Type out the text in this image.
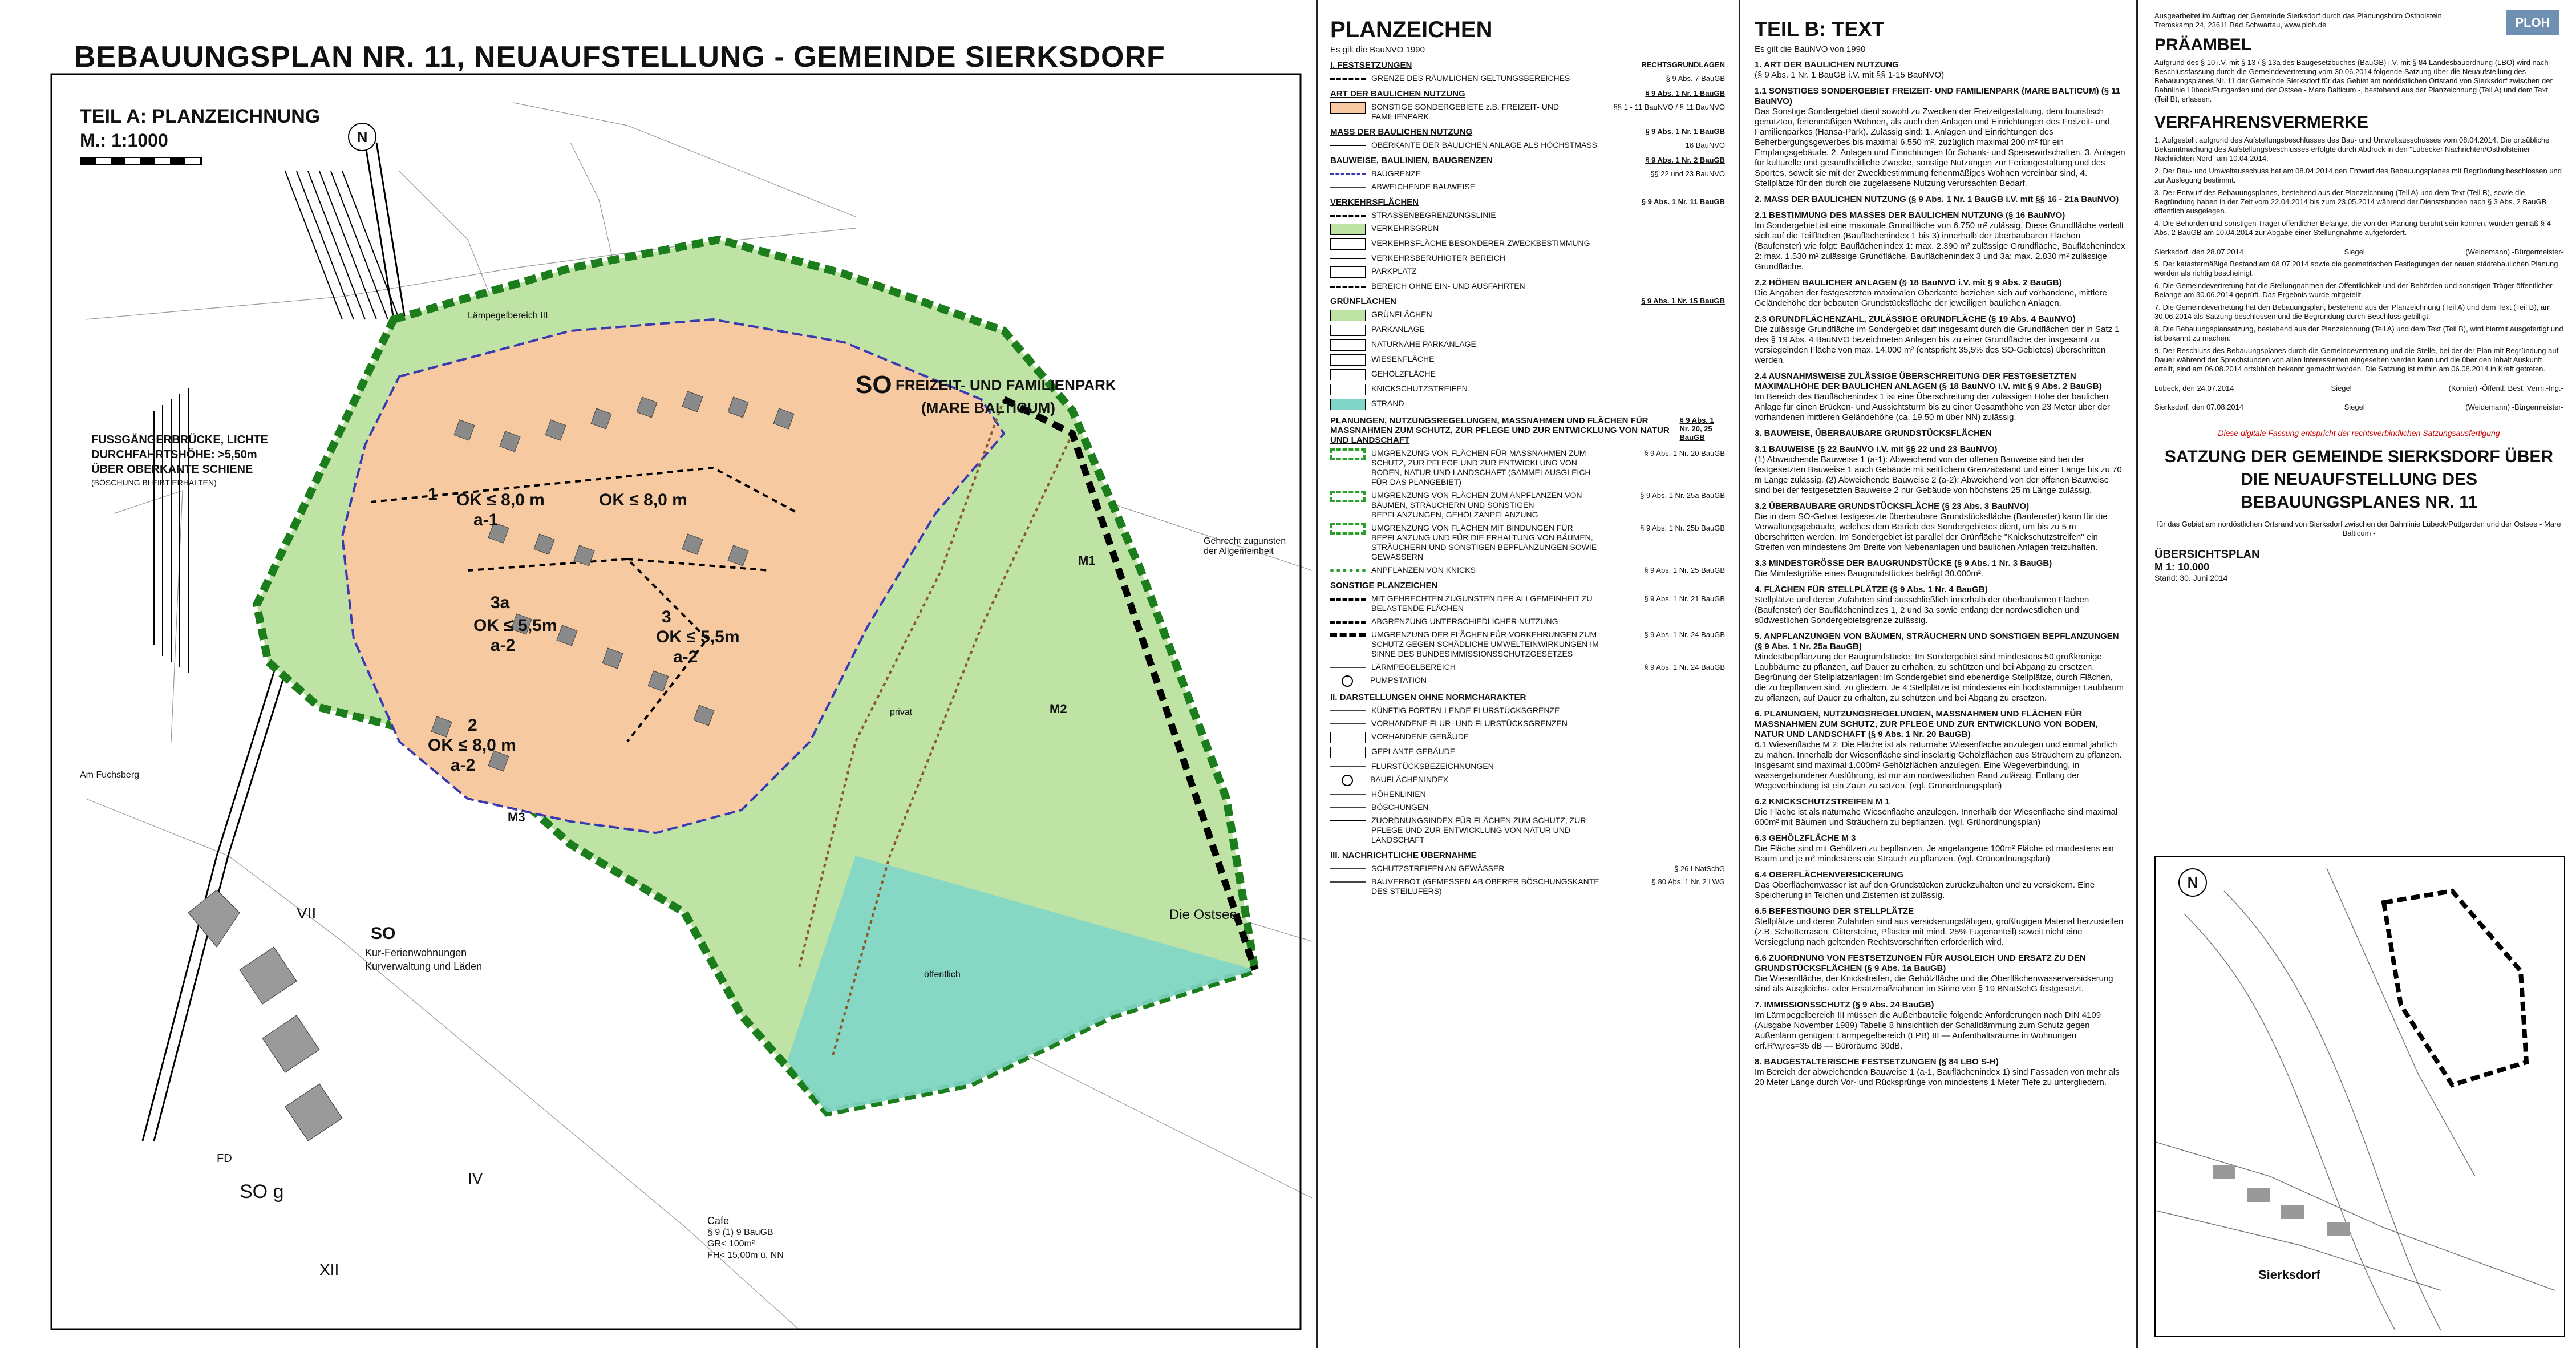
BEBAUUNGSPLAN NR. 11, NEUAUFSTELLUNG - GEMEINDE SIERKSDORF
TEIL A: PLANZEICHNUNG
M.: 1:1000	N
SO FREIZEIT- UND FAMILIENPARK
(MARE BALTICUM)
OK ≤ 8,0 m
a-1
OK ≤ 8,0 m
3a
OK ≤ 5,5m
a-2
3
OK ≤ 5,5m
a-2
2
OK ≤ 8,0 m
a-2
1
FUSSGÄNGERBRÜCKE, LICHTE
DURCHFAHRTSHÖHE: >5,50m
ÜBER OBERKANTE SCHIENE
(BÖSCHUNG BLEIBT ERHALTEN)
Die Ostsee
Gehrecht zugunsten der Allgemeinheit
M1
M2
M3
privat
öffentlich
Lämpegelbereich III
Am Fuchsberg
SO
Kur-Ferienwohnungen
Kurverwaltung und Läden
SO g
Cafe
§ 9 (1) 9 BauGB
GR< 100m²
FH< 15,00m ü. NN
VII
XII
IV
FD
PLANZEICHEN
Es gilt die BauNVO 1990
I. FESTSETZUNGEN	RECHTSGRUNDLAGEN
GRENZE DES RÄUMLICHEN GELTUNGSBEREICHES	§ 9 Abs. 7 BauGB
ART DER BAULICHEN NUTZUNG	§ 9 Abs. 1 Nr. 1 BauGB
SONSTIGE SONDERGEBIETE z.B. FREIZEIT- UND FAMILIENPARK
§§ 1 - 11 BauNVO / § 11 BauNVO
MASS DER BAULICHEN NUTZUNG	§ 9 Abs. 1 Nr. 1 BauGB
OBERKANTE DER BAULICHEN ANLAGE ALS HÖCHSTMASS	16 BauNVO
BAUWEISE, BAULINIEN, BAUGRENZEN	§ 9 Abs. 1 Nr. 2 BauGB
BAUGRENZE	§§ 22 und 23 BauNVO
ABWEICHENDE BAUWEISE
VERKEHRSFLÄCHEN	§ 9 Abs. 1 Nr. 11 BauGB
STRASSENBEGRENZUNGSLINIE
VERKEHRSGRÜN
VERKEHRSFLÄCHE BESONDERER ZWECKBESTIMMUNG
VERKEHRSBERUHIGTER BEREICH
PARKPLATZ
BEREICH OHNE EIN- UND AUSFAHRTEN
GRÜNFLÄCHEN	§ 9 Abs. 1 Nr. 15 BauGB
GRÜNFLÄCHEN
PARKANLAGE
NATURNAHE PARKANLAGE
WIESENFLÄCHE
GEHÖLZFLÄCHE
KNICKSCHUTZSTREIFEN
STRAND
PLANUNGEN, NUTZUNGSREGELUNGEN, MASSNAHMEN UND FLÄCHEN FÜR MASSNAHMEN ZUM SCHUTZ, ZUR PFLEGE UND ZUR ENTWICKLUNG VON NATUR UND LANDSCHAFT
§ 9 Abs. 1 Nr. 20, 25 BauGB
UMGRENZUNG VON FLÄCHEN FÜR MASSNAHMEN ZUM SCHUTZ, ZUR PFLEGE UND ZUR ENTWICKLUNG VON BODEN, NATUR UND LANDSCHAFT (SAMMELAUSGLEICH FÜR DAS PLANGEBIET)
§ 9 Abs. 1 Nr. 20 BauGB
UMGRENZUNG VON FLÄCHEN ZUM ANPFLANZEN VON BÄUMEN, STRÄUCHERN UND SONSTIGEN BEPFLANZUNGEN, GEHÖLZANPFLANZUNG
§ 9 Abs. 1 Nr. 25a BauGB
UMGRENZUNG VON FLÄCHEN MIT BINDUNGEN FÜR BEPFLANZUNG UND FÜR DIE ERHALTUNG VON BÄUMEN, STRÄUCHERN UND SONSTIGEN BEPFLANZUNGEN SOWIE GEWÄSSERN
§ 9 Abs. 1 Nr. 25b BauGB
ANPFLANZEN VON KNICKS	§ 9 Abs. 1 Nr. 25 BauGB
SONSTIGE PLANZEICHEN
MIT GEHRECHTEN ZUGUNSTEN DER ALLGEMEINHEIT ZU BELASTENDE FLÄCHEN
§ 9 Abs. 1 Nr. 21 BauGB
ABGRENZUNG UNTERSCHIEDLICHER NUTZUNG
UMGRENZUNG DER FLÄCHEN FÜR VORKEHRUNGEN ZUM SCHUTZ GEGEN SCHÄDLICHE UMWELTEINWIRKUNGEN IM SINNE DES BUNDESIMMISSIONSSCHUTZGESETZES
§ 9 Abs. 1 Nr. 24 BauGB
LÄRMPEGELBEREICH	§ 9 Abs. 1 Nr. 24 BauGB
PUMPSTATION
II. DARSTELLUNGEN OHNE NORMCHARAKTER
KÜNFTIG FORTFALLENDE FLURSTÜCKSGRENZE
VORHANDENE FLUR- UND FLURSTÜCKSGRENZEN
VORHANDENE GEBÄUDE
GEPLANTE GEBÄUDE
FLURSTÜCKSBEZEICHNUNGEN
BAUFLÄCHENINDEX
HÖHENLINIEN
BÖSCHUNGEN
ZUORDNUNGSINDEX FÜR FLÄCHEN ZUM SCHUTZ, ZUR PFLEGE UND ZUR ENTWICKLUNG VON NATUR UND LANDSCHAFT
III. NACHRICHTLICHE ÜBERNAHME
SCHUTZSTREIFEN AN GEWÄSSER	§ 26 LNatSchG
BAUVERBOT (GEMESSEN AB OBERER BÖSCHUNGSKANTE DES STEILUFERS)
§ 80 Abs. 1 Nr. 2 LWG
TEIL B: TEXT
Es gilt die BauNVO von 1990
1. ART DER BAULICHEN NUTZUNG
(§ 9 Abs. 1 Nr. 1 BauGB i.V. mit §§ 1-15 BauNVO)
1.1 SONSTIGES SONDERGEBIET FREIZEIT- UND FAMILIENPARK (MARE BALTICUM) (§ 11 BauNVO)
Das Sonstige Sondergebiet dient sowohl zu Zwecken der Freizeitgestaltung, dem touristisch genutzten, ferienmäßigen Wohnen, als auch den Anlagen und Einrichtungen des Freizeit- und Familienparkes (Hansa-Park). Zulässig sind: 1. Anlagen und Einrichtungen des Beherbergungsgewerbes bis maximal 6.550 m², zuzüglich maximal 200 m² für ein Empfangsgebäude, 2. Anlagen und Einrichtungen für Schank- und Speisewirtschaften, 3. Anlagen für kulturelle und gesundheitliche Zwecke, sonstige Nutzungen zur Feriengestaltung und des Sportes, soweit sie mit der Zweckbestimmung ferienmäßiges Wohnen vereinbar sind, 4. Stellplätze für den durch die zugelassene Nutzung verursachten Bedarf.
2. MASS DER BAULICHEN NUTZUNG (§ 9 Abs. 1 Nr. 1 BauGB i.V. mit §§ 16 - 21a BauNVO)
2.1 BESTIMMUNG DES MASSES DER BAULICHEN NUTZUNG (§ 16 BauNVO)
Im Sondergebiet ist eine maximale Grundfläche von 6.750 m² zulässig. Diese Grundfläche verteilt sich auf die Teilflächen (Bauflächenindex 1 bis 3) innerhalb der überbaubaren Flächen (Baufenster) wie folgt: Bauflächenindex 1: max. 2.390 m² zulässige Grundfläche, Bauflächenindex 2: max. 1.530 m² zulässige Grundfläche, Bauflächenindex 3 und 3a: max. 2.830 m² zulässige Grundfläche.
2.2 HÖHEN BAULICHER ANLAGEN (§ 18 BauNVO i.V. mit § 9 Abs. 2 BauGB)
Die Angaben der festgesetzten maximalen Oberkante beziehen sich auf vorhandene, mittlere Geländehöhe der bebauten Grundstücksfläche der jeweiligen baulichen Anlagen.
2.3 GRUNDFLÄCHENZAHL, ZULÄSSIGE GRUNDFLÄCHE (§ 19 Abs. 4 BauNVO)
Die zulässige Grundfläche im Sondergebiet darf insgesamt durch die Grundflächen der in Satz 1 des § 19 Abs. 4 BauNVO bezeichneten Anlagen bis zu einer Grundfläche der insgesamt zu versiegelnden Fläche von max. 14.000 m² (entspricht 35,5% des SO-Gebietes) überschritten werden.
2.4 AUSNAHMSWEISE ZULÄSSIGE ÜBERSCHREITUNG DER FESTGESETZTEN MAXIMALHÖHE DER BAULICHEN ANLAGEN (§ 18 BauNVO i.V. mit § 9 Abs. 2 BauGB)
Im Bereich des Bauflächenindex 1 ist eine Überschreitung der zulässigen Höhe der baulichen Anlage für einen Brücken- und Aussichtsturm bis zu einer Gesamthöhe von 23 Meter über der vorhandenen mittleren Geländehöhe (ca. 19,50 m über NN) zulässig.
3. BAUWEISE, ÜBERBAUBARE GRUNDSTÜCKSFLÄCHEN
3.1 BAUWEISE (§ 22 BauNVO i.V. mit §§ 22 und 23 BauNVO)
(1) Abweichende Bauweise 1 (a-1): Abweichend von der offenen Bauweise sind bei der festgesetzten Bauweise 1 auch Gebäude mit seitlichem Grenzabstand und einer Länge bis zu 70 m Länge zulässig. (2) Abweichende Bauweise 2 (a-2): Abweichend von der offenen Bauweise sind bei der festgesetzten Bauweise 2 nur Gebäude von höchstens 25 m Länge zulässig.
3.2 ÜBERBAUBARE GRUNDSTÜCKSFLÄCHE (§ 23 Abs. 3 BauNVO)
Die in dem SO-Gebiet festgesetzte überbaubare Grundstücksfläche (Baufenster) kann für die Verwaltungsgebäude, welches dem Betrieb des Sondergebietes dient, um bis zu 5 m überschritten werden. Im Sondergebiet ist parallel der Grünfläche "Knickschutzstreifen" ein Streifen von mindestens 3m Breite von Nebenanlagen und baulichen Anlagen freizuhalten.
3.3 MINDESTGRÖSSE DER BAUGRUNDSTÜCKE (§ 9 Abs. 1 Nr. 3 BauGB)
Die Mindestgröße eines Baugrundstückes beträgt 30.000m².
4. FLÄCHEN FÜR STELLPLÄTZE (§ 9 Abs. 1 Nr. 4 BauGB)
Stellplätze und deren Zufahrten sind ausschließlich innerhalb der überbaubaren Flächen (Baufenster) der Bauflächenindizes 1, 2 und 3a sowie entlang der nordwestlichen und südwestlichen Sondergebietsgrenze zulässig.
5. ANPFLANZUNGEN VON BÄUMEN, STRÄUCHERN UND SONSTIGEN BEPFLANZUNGEN (§ 9 Abs. 1 Nr. 25a BauGB)
Mindestbepflanzung der Baugrundstücke: Im Sondergebiet sind mindestens 50 großkronige Laubbäume zu pflanzen, auf Dauer zu erhalten, zu schützen und bei Abgang zu ersetzen. Begrünung der Stellplatzanlagen: Im Sondergebiet sind ebenerdige Stellplätze, durch Flächen, die zu bepflanzen sind, zu gliedern. Je 4 Stellplätze ist mindestens ein hochstämmiger Laubbaum zu pflanzen, auf Dauer zu erhalten, zu schützen und bei Abgang zu ersetzen.
6. PLANUNGEN, NUTZUNGSREGELUNGEN, MASSNAHMEN UND FLÄCHEN FÜR MASSNAHMEN ZUM SCHUTZ, ZUR PFLEGE UND ZUR ENTWICKLUNG VON BODEN, NATUR UND LANDSCHAFT (§ 9 Abs. 1 Nr. 20 BauGB)
6.1 Wiesenfläche M 2: Die Fläche ist als naturnahe Wiesenfläche anzulegen und einmal jährlich zu mähen. Innerhalb der Wiesenfläche sind inselartig Gehölzflächen aus Sträuchern zu pflanzen. Insgesamt sind maximal 1.000m² Gehölzflächen anzulegen. Eine Wegeverbindung, in wassergebundener Ausführung, ist nur am nordwestlichen Rand zulässig. Entlang der Wegeverbindung ist ein Zaun zu setzen. (vgl. Grünordnungsplan)
6.2 KNICKSCHUTZSTREIFEN M 1
Die Fläche ist als naturnahe Wiesenfläche anzulegen. Innerhalb der Wiesenfläche sind maximal 600m² mit Bäumen und Sträuchern zu bepflanzen. (vgl. Grünordnungsplan)
6.3 GEHÖLZFLÄCHE M 3
Die Fläche sind mit Gehölzen zu bepflanzen. Je angefangene 100m² Fläche ist mindestens ein Baum und je m² mindestens ein Strauch zu pflanzen. (vgl. Grünordnungsplan)
6.4 OBERFLÄCHENVERSICKERUNG
Das Oberflächenwasser ist auf den Grundstücken zurückzuhalten und zu versickern. Eine Speicherung in Teichen und Zisternen ist zulässig.
6.5 BEFESTIGUNG DER STELLPLÄTZE
Stellplätze und deren Zufahrten sind aus versickerungsfähigen, großfugigen Material herzustellen (z.B. Schotterrasen, Gittersteine, Pflaster mit mind. 25% Fugenanteil) soweit nicht eine Versiegelung nach geltenden Rechtsvorschriften erforderlich wird.
6.6 ZUORDNUNG VON FESTSETZUNGEN FÜR AUSGLEICH UND ERSATZ ZU DEN GRUNDSTÜCKSFLÄCHEN (§ 9 Abs. 1a BauGB)
Die Wiesenfläche, der Knickstreifen, die Gehölzfläche und die Oberflächenwasserversickerung sind als Ausgleichs- oder Ersatzmaßnahmen im Sinne von § 19 BNatSchG festgesetzt.
7. IMMISSIONSSCHUTZ (§ 9 Abs. 24 BauGB)
Im Lärmpegelbereich III müssen die Außenbauteile folgende Anforderungen nach DIN 4109 (Ausgabe November 1989) Tabelle 8 hinsichtlich der Schalldämmung zum Schutz gegen Außenlärm genügen: Lärmpegelbereich (LPB) III — Aufenthaltsräume in Wohnungen erf.R'w,res=35 dB — Büroräume 30dB.
8. BAUGESTALTERISCHE FESTSETZUNGEN (§ 84 LBO S-H)
Im Bereich der abweichenden Bauweise 1 (a-1, Bauflächenindex 1) sind Fassaden von mehr als 20 Meter Länge durch Vor- und Rücksprünge von mindestens 1 Meter Tiefe zu untergliedern.
Ausgearbeitet im Auftrag der Gemeinde Sierksdorf durch das Planungsbüro Ostholstein, Tremskamp 24, 23611 Bad Schwartau, www.ploh.de	PLOH
PRÄAMBEL
Aufgrund des § 10 i.V. mit § 13 / § 13a des Baugesetzbuches (BauGB) i.V. mit § 84 Landesbauordnung (LBO) wird nach Beschlussfassung durch die Gemeindevertretung vom 30.06.2014 folgende Satzung über die Neuaufstellung des Bebauungsplanes Nr. 11 der Gemeinde Sierksdorf für das Gebiet am nordöstlichen Ortsrand von Sierksdorf zwischen der Bahnlinie Lübeck/Puttgarden und der Ostsee - Mare Balticum -, bestehend aus der Planzeichnung (Teil A) und dem Text (Teil B), erlassen.
VERFAHRENSVERMERKE
1. Aufgestellt aufgrund des Aufstellungsbeschlusses des Bau- und Umweltausschusses vom 08.04.2014. Die ortsübliche Bekanntmachung des Aufstellungsbeschlusses erfolgte durch Abdruck in den "Lübecker Nachrichten/Ostholsteiner Nachrichten Nord" am 10.04.2014.
2. Der Bau- und Umweltausschuss hat am 08.04.2014 den Entwurf des Bebauungsplanes mit Begründung beschlossen und zur Auslegung bestimmt.
3. Der Entwurf des Bebauungsplanes, bestehend aus der Planzeichnung (Teil A) und dem Text (Teil B), sowie die Begründung haben in der Zeit vom 22.04.2014 bis zum 23.05.2014 während der Dienststunden nach § 3 Abs. 2 BauGB öffentlich ausgelegen.
4. Die Behörden und sonstigen Träger öffentlicher Belange, die von der Planung berührt sein können, wurden gemäß § 4 Abs. 2 BauGB am 10.04.2014 zur Abgabe einer Stellungnahme aufgefordert.
Sierksdorf, den 28.07.2014	Siegel	(Weidemann) -Bürgermeister-
5. Der katastermäßige Bestand am 08.07.2014 sowie die geometrischen Festlegungen der neuen städtebaulichen Planung werden als richtig bescheinigt.
6. Die Gemeindevertretung hat die Stellungnahmen der Öffentlichkeit und der Behörden und sonstigen Träger öffentlicher Belange am 30.06.2014 geprüft. Das Ergebnis wurde mitgeteilt.
7. Die Gemeindevertretung hat den Bebauungsplan, bestehend aus der Planzeichnung (Teil A) und dem Text (Teil B), am 30.06.2014 als Satzung beschlossen und die Begründung durch Beschluss gebilligt.
8. Die Bebauungsplansatzung, bestehend aus der Planzeichnung (Teil A) und dem Text (Teil B), wird hiermit ausgefertigt und ist bekannt zu machen.
9. Der Beschluss des Bebauungsplanes durch die Gemeindevertretung und die Stelle, bei der der Plan mit Begründung auf Dauer während der Sprechstunden von allen Interessierten eingesehen werden kann und die über den Inhalt Auskunft erteilt, sind am 06.08.2014 ortsüblich bekannt gemacht worden. Die Satzung ist mithin am 06.08.2014 in Kraft getreten.
Lübeck, den 24.07.2014	Siegel	(Kornier) -Öffentl. Best. Verm.-Ing.-
Sierksdorf, den 07.08.2014	Siegel	(Weidemann) -Bürgermeister-
Diese digitale Fassung entspricht der rechtsverbindlichen Satzungsausfertigung
SATZUNG DER GEMEINDE SIERKSDORF ÜBER DIE NEUAUFSTELLUNG DES BEBAUUNGSPLANES NR. 11
für das Gebiet am nordöstlichen Ortsrand von Sierksdorf zwischen der Bahnlinie Lübeck/Puttgarden und der Ostsee - Mare Balticum -
ÜBERSICHTSPLAN
M 1: 10.000
Stand: 30. Juni 2014
N
Sierksdorf
